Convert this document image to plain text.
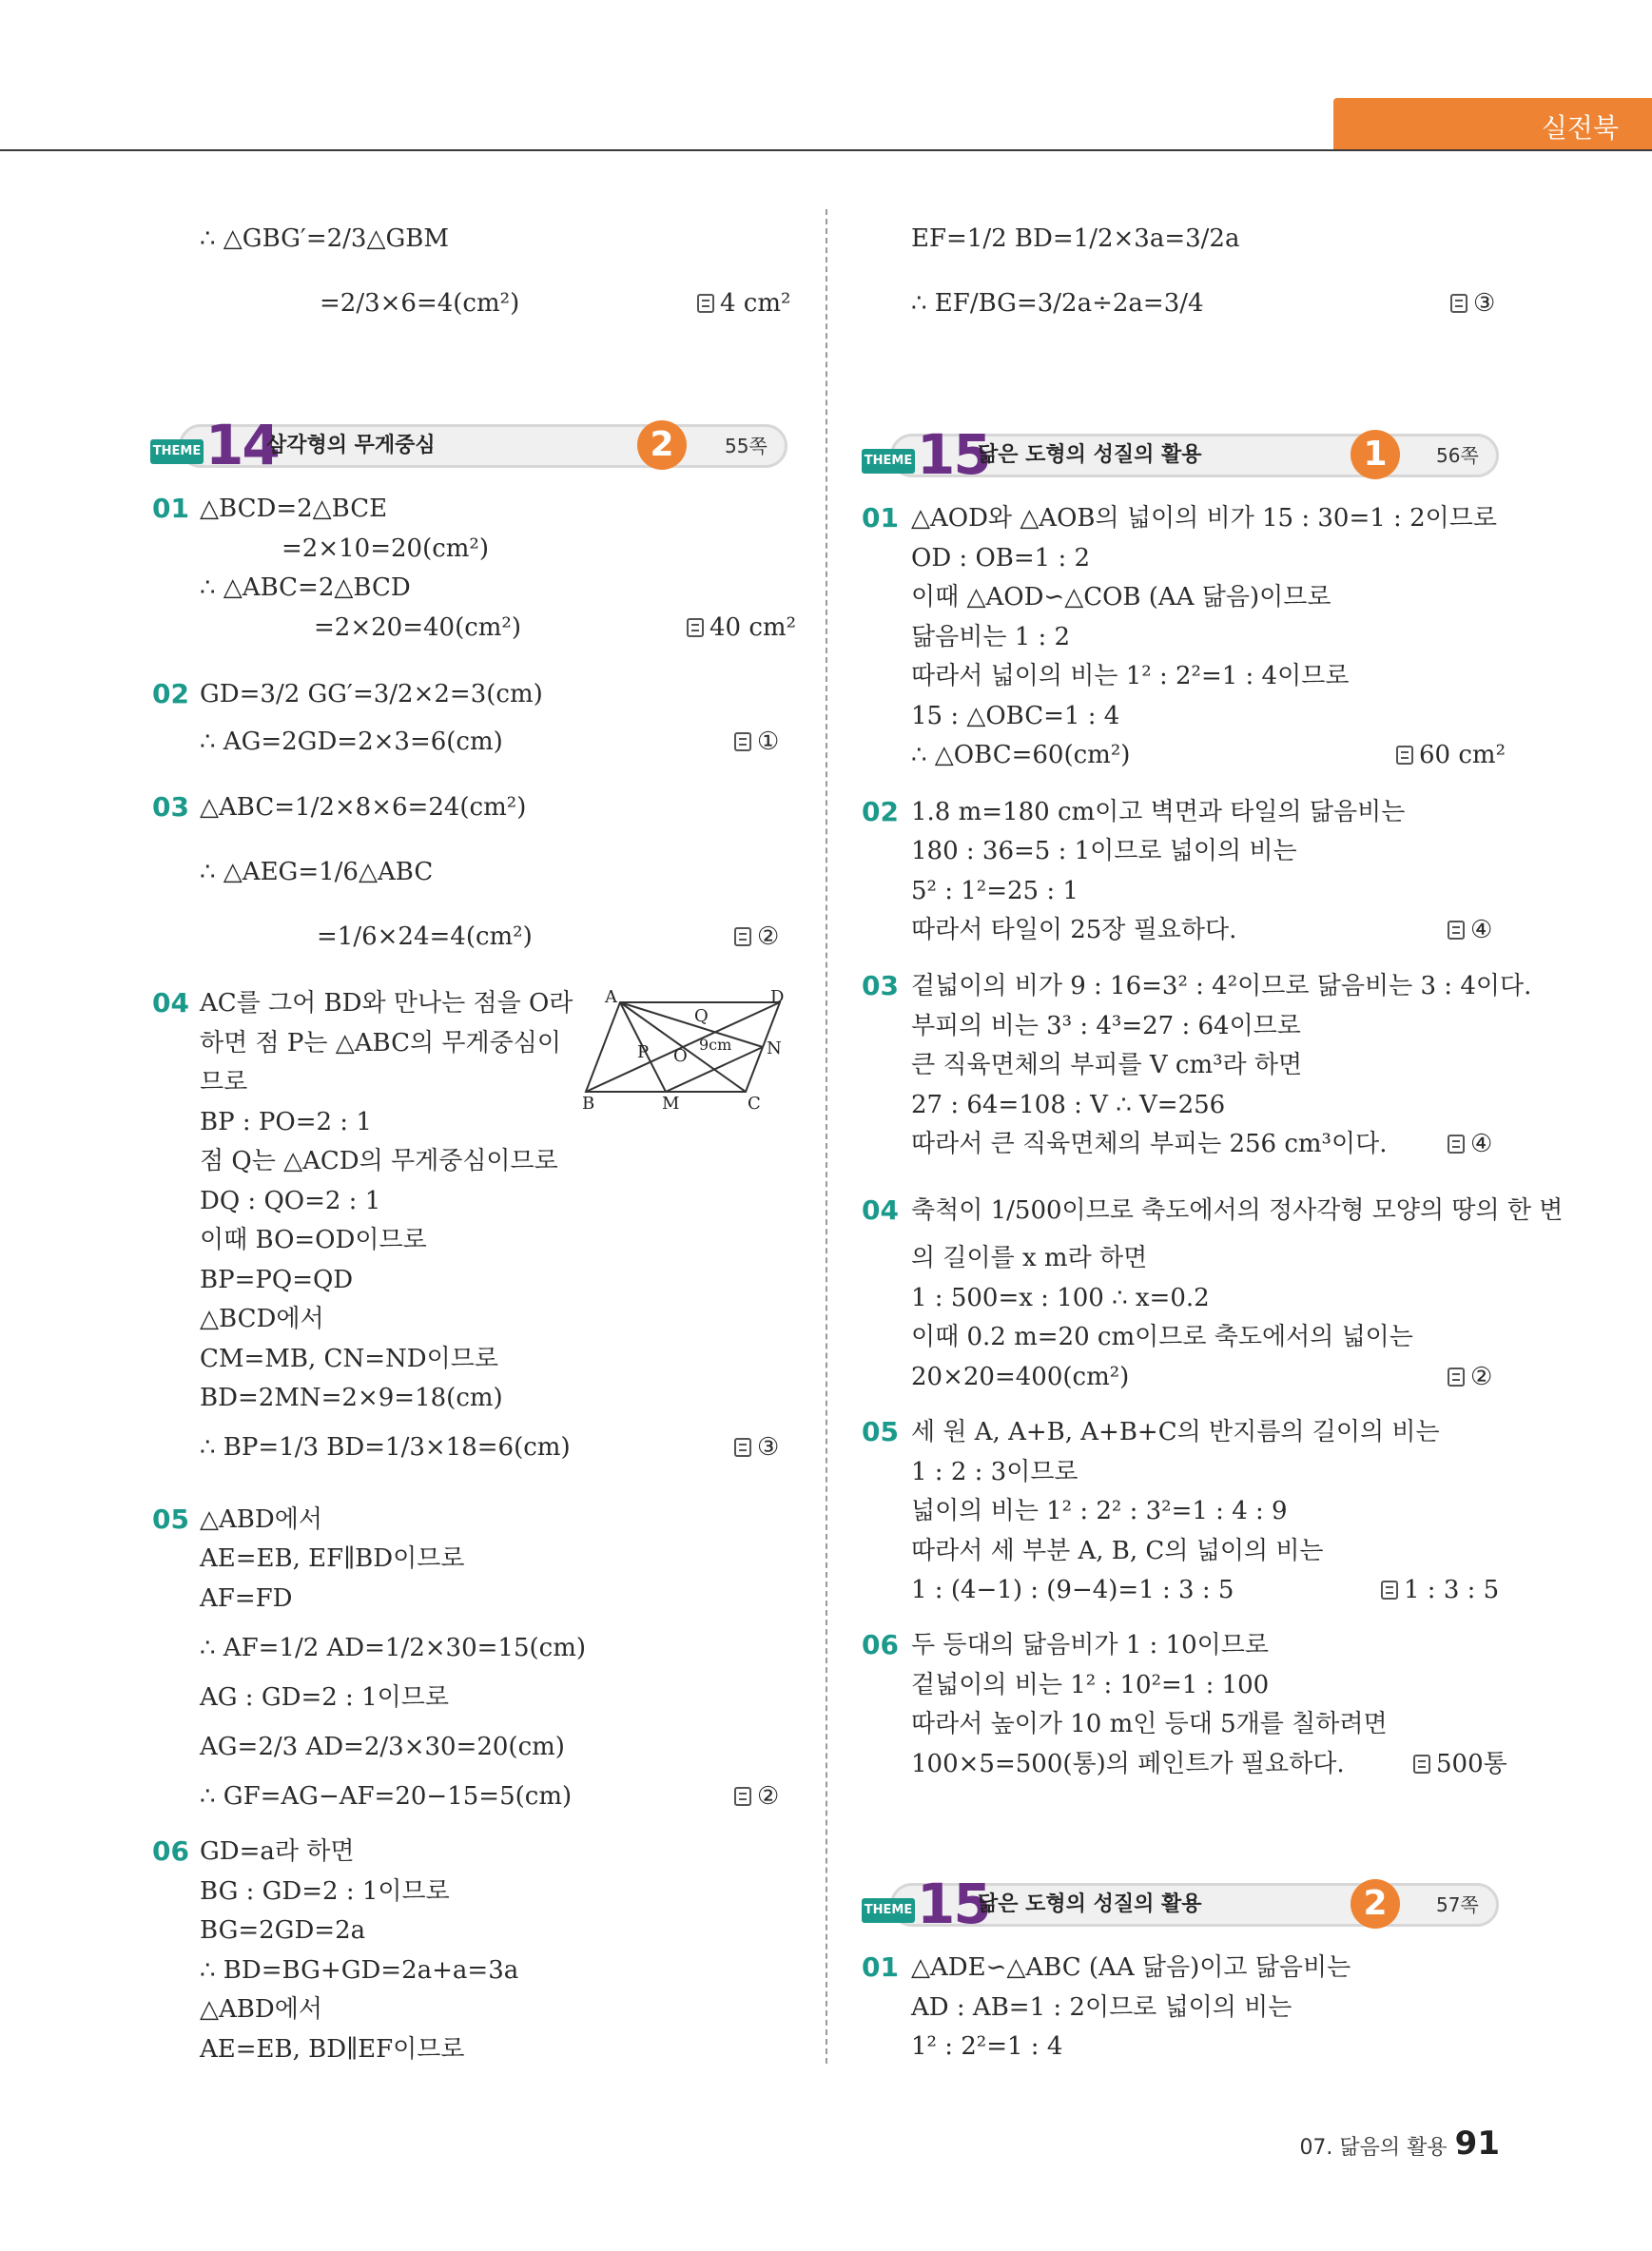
실전북
∴ △GBG′=2/3△GBM
=2/3×6=4(cm²)	4 cm²
EF=1/2 BD=1/2×3a=3/2a
∴ EF/BG=3/2a÷2a=3/4	③
THEME 14
삼각형의 무게중심	2	55쪽
01 △BCD=2△BCE
=2×10=20(cm²)
∴ △ABC=2△BCD
=2×20=40(cm²)	40 cm²
02 GD=3/2 GG′=3/2×2=3(cm)
∴ AG=2GD=2×3=6(cm)	①
03 △ABC=1/2×8×6=24(cm²)
∴ △AEG=1/6△ABC
=1/6×24=4(cm²)	②
04 AC를 그어 BD와 만나는 점을 O라
하면 점 P는 △ABC의 무게중심이
므로
BP : PO=2 : 1
점 Q는 △ACD의 무게중심이므로
DQ : QO=2 : 1
이때 BO=OD이므로
BP=PQ=QD
△BCD에서
CM=MB, CN=ND이므로
BD=2MN=2×9=18(cm)
∴ BP=1/3 BD=1/3×18=6(cm)	③
A	D
Q
9cm N
P O
B	M	C
05 △ABD에서
AE=EB, EF∥BD이므로
AF=FD
∴ AF=1/2 AD=1/2×30=15(cm)
AG : GD=2 : 1이므로
AG=2/3 AD=2/3×30=20(cm)
∴ GF=AG−AF=20−15=5(cm)	②
06 GD=a라 하면
BG : GD=2 : 1이므로
BG=2GD=2a
∴ BD=BG+GD=2a+a=3a
△ABD에서
AE=EB, BD∥EF이므로
THEME 15
닮은 도형의 성질의 활용	1	56쪽
01 △AOD와 △AOB의 넓이의 비가 15 : 30=1 : 2이므로
OD : OB=1 : 2
이때 △AOD∽△COB (AA 닮음)이므로
닮음비는 1 : 2
따라서 넓이의 비는 1² : 2²=1 : 4이므로
15 : △OBC=1 : 4
∴ △OBC=60(cm²)	60 cm²
02 1.8 m=180 cm이고 벽면과 타일의 닮음비는
180 : 36=5 : 1이므로 넓이의 비는
5² : 1²=25 : 1
따라서 타일이 25장 필요하다.	④
03 겉넓이의 비가 9 : 16=3² : 4²이므로 닮음비는 3 : 4이다.
부피의 비는 3³ : 4³=27 : 64이므로
큰 직육면체의 부피를 V cm³라 하면
27 : 64=108 : V ∴ V=256
따라서 큰 직육면체의 부피는 256 cm³이다.	④
04 축척이 1/500이므로 축도에서의 정사각형 모양의 땅의 한 변
의 길이를 x m라 하면
1 : 500=x : 100 ∴ x=0.2
이때 0.2 m=20 cm이므로 축도에서의 넓이는
20×20=400(cm²)	②
05 세 원 A, A+B, A+B+C의 반지름의 길이의 비는
1 : 2 : 3이므로
넓이의 비는 1² : 2² : 3²=1 : 4 : 9
따라서 세 부분 A, B, C의 넓이의 비는
1 : (4−1) : (9−4)=1 : 3 : 5	1 : 3 : 5
06 두 등대의 닮음비가 1 : 10이므로
겉넓이의 비는 1² : 10²=1 : 100
따라서 높이가 10 m인 등대 5개를 칠하려면
100×5=500(통)의 페인트가 필요하다.	500통
THEME 15
닮은 도형의 성질의 활용	2	57쪽
01 △ADE∽△ABC (AA 닮음)이고 닮음비는
AD : AB=1 : 2이므로 넓이의 비는
1² : 2²=1 : 4
07. 닮음의 활용 91
